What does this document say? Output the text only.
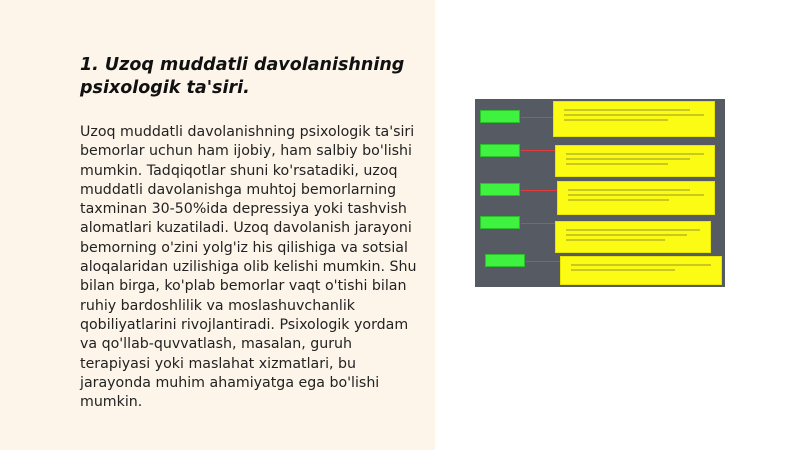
1. Uzoq muddatli davolanishning psixologik ta'siri.

Uzoq muddatli davolanishning psixologik ta'siri bemorlar uchun ham ijobiy, ham salbiy bo'lishi mumkin. Tadqiqotlar shuni ko'rsatadiki, uzoq muddatli davolanishga muhtoj bemorlarning taxminan 30-50%ida depressiya yoki tashvish alomatlari kuzatiladi. Uzoq davolanish jarayoni bemorning o'zini yolg'iz his qilishiga va sotsial aloqalaridan uzilishiga olib kelishi mumkin. Shu bilan birga, ko'plab bemorlar vaqt o'tishi bilan ruhiy bardoshlilik va moslashuvchanlik qobiliyatlarini rivojlantiradi. Psixologik yordam va qo'llab-quvvatlash, masalan, guruh terapiyasi yoki maslahat xizmatlari, bu jarayonda muhim ahamiyatga ega bo'lishi mumkin.
